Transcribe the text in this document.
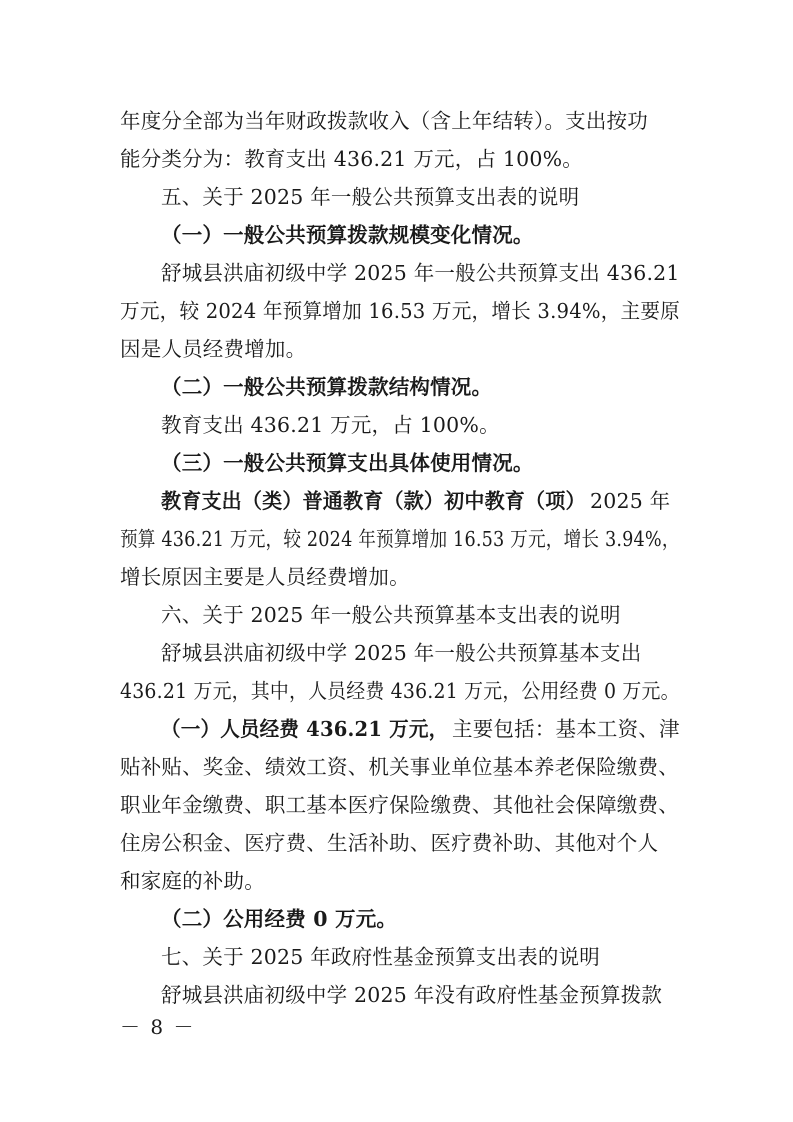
年度分全部为当年财政拨款收入（含上年结转）。支出按功
能分类分为：教育支出 436.21 万元，占 100%。
五、关于 2025 年一般公共预算支出表的说明
（一）一般公共预算拨款规模变化情况。
舒城县洪庙初级中学 2025 年一般公共预算支出 436.21
万元，较 2024 年预算增加 16.53 万元，增长 3.94%，主要原
因是人员经费增加。
（二）一般公共预算拨款结构情况。
教育支出 436.21 万元，占 100%。
（三）一般公共预算支出具体使用情况。
教育支出（类）普通教育（款）初中教育（项） 2025 年
预算 436.21 万元，较 2024 年预算增加 16.53 万元，增长 3.94%，
增长原因主要是人员经费增加。
六、关于 2025 年一般公共预算基本支出表的说明
舒城县洪庙初级中学 2025 年一般公共预算基本支出
436.21 万元，其中，人员经费 436.21 万元，公用经费 0 万元。
（一）人员经费 436.21 万元， 主要包括：基本工资、津
贴补贴、奖金、绩效工资、机关事业单位基本养老保险缴费、
职业年金缴费、职工基本医疗保险缴费、其他社会保障缴费、
住房公积金、医疗费、生活补助、医疗费补助、其他对个人
和家庭的补助。
（二）公用经费 0 万元。
七、关于 2025 年政府性基金预算支出表的说明
舒城县洪庙初级中学 2025 年没有政府性基金预算拨款
－ 8 －
